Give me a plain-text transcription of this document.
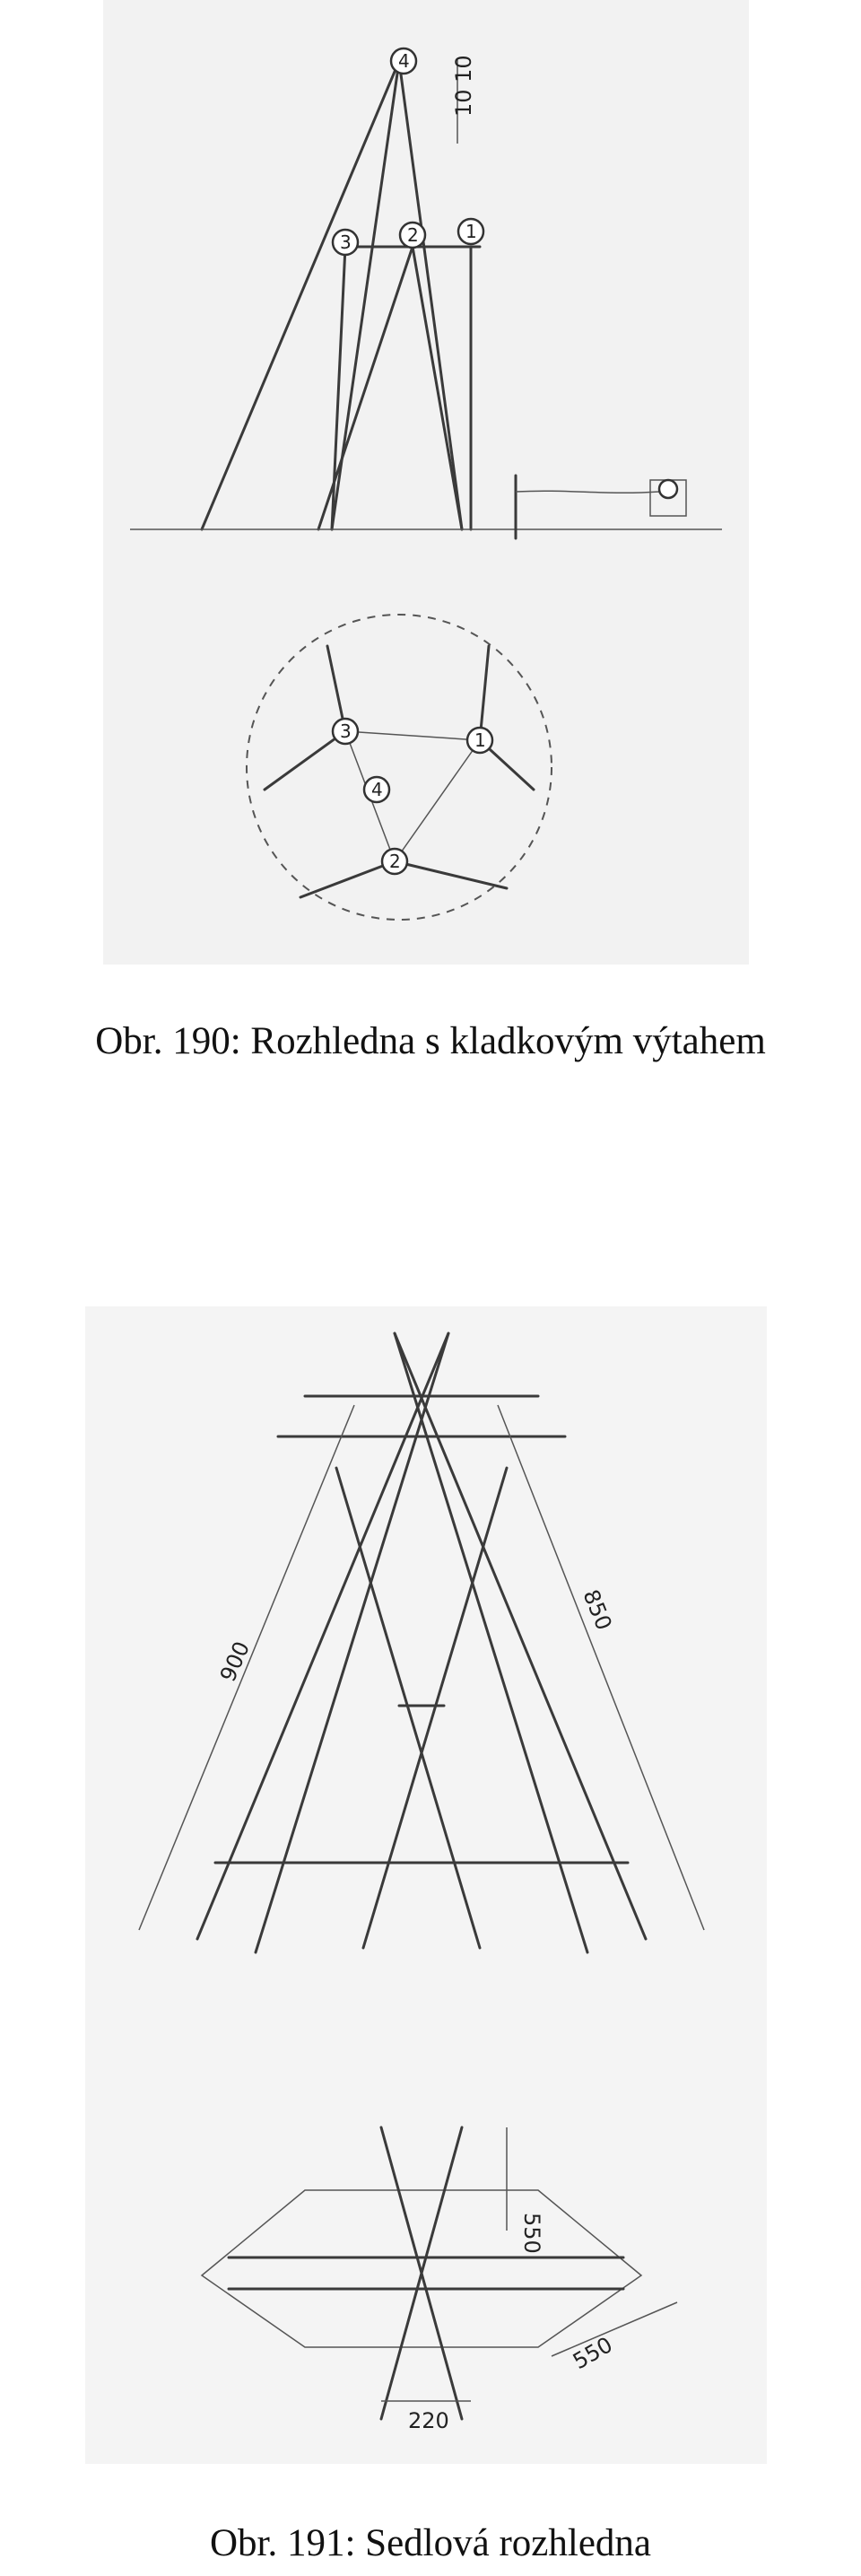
10 10
4
3	2	1
3	1
2
4
Obr. 190: Rozhledna s kladkovým výtahem
900
850
550
550
220
Obr. 191: Sedlová rozhledna
